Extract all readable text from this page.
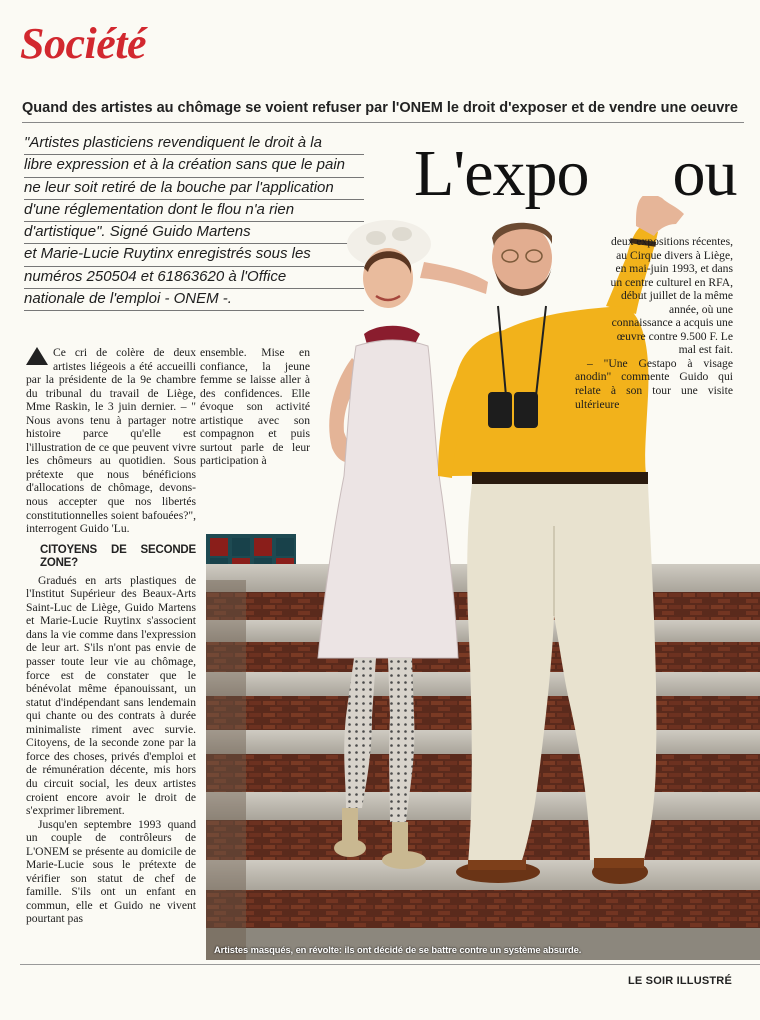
Société
Quand des artistes au chômage se voient refuser par l'ONEM le droit d'exposer et de vendre une oeuvre
"Artistes plasticiens revendiquent le droit à la
libre expression et à la création sans que le pain
ne leur soit retiré de la bouche par l'application
d'une réglementation dont le flou n'a rien
d'artistique". Signé Guido Martens
et Marie-Lucie Ruytinx enregistrés sous les
numéros 250504 et 61863620 à l'Office
nationale de l'emploi - ONEM -.
L'expo ou

Ce cri de colère de deux artistes liégeois a été accueilli par la présidente de la 9e chambre du tribunal du travail de Liège, Mme Raskin, le 3 juin dernier. – " Nous avons tenu à partager notre histoire parce qu'elle est l'illustration de ce que peuvent vivre les chômeurs au quotidien. Sous prétexte que nous bénéficions d'allocations de chômage, devons-nous accepter que nos libertés constitutionnelles soient bafouées?", interrogent Guido 'Lu.

CITOYENS DE SECONDE ZONE?

Gradués en arts plastiques de l'Institut Supérieur des Beaux-Arts Saint-Luc de Liège, Guido Martens et Marie-Lucie Ruytinx s'associent dans la vie comme dans l'expression de leur art. S'ils n'ont pas envie de passer toute leur vie au chômage, force est de constater que le bénévolat même épanouissant, un statut d'indépendant sans lendemain qui chante ou des contrats à durée minimaliste riment avec survie. Citoyens, de la seconde zone par la force des choses, privés d'emploi et de rémunération décente, mis hors du circuit social, les deux artistes croient encore avoir le droit de s'exprimer librement.

Jusqu'en septembre 1993 quand un couple de contrôleurs de L'ONEM se présente au domicile de Marie-Lucie sous le prétexte de vérifier son statut de chef de famille. S'ils ont un enfant en commun, elle et Guido ne vivent pourtant pas

ensemble. Mise en confiance, la jeune femme se laisse aller à des confidences. Elle évoque son activité artistique avec son compagnon et puis surtout parle de leur participation à

deux expositions récentes, au Cirque divers à Liège, en mai-juin 1993, et dans un centre culturel en RFA, début juillet de la même année, où une connaissance a acquis une œuvre contre 9.500 F. Le mal est fait.

– "Une Gestapo à visage anodin" commente Guido qui relate à son tour une visite ultérieure

Artistes masqués, en révolte: ils ont décidé de se battre contre un système absurde.
LE SOIR ILLUSTRÉ
